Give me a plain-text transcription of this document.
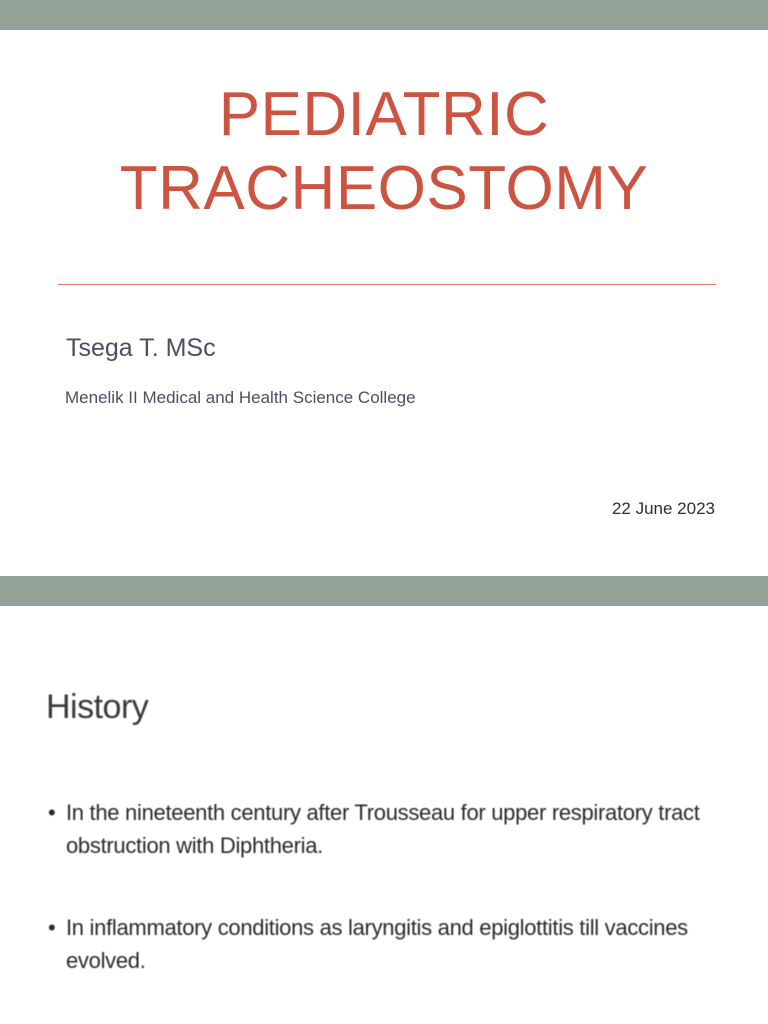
PEDIATRIC
TRACHEOSTOMY
Tsega T. MSc
Menelik II Medical and Health Science College
22 June 2023
History
• In the nineteenth century after Trousseau for upper respiratory tract obstruction with Diphtheria.
• In inflammatory conditions as laryngitis and epiglottitis till vaccines evolved.
